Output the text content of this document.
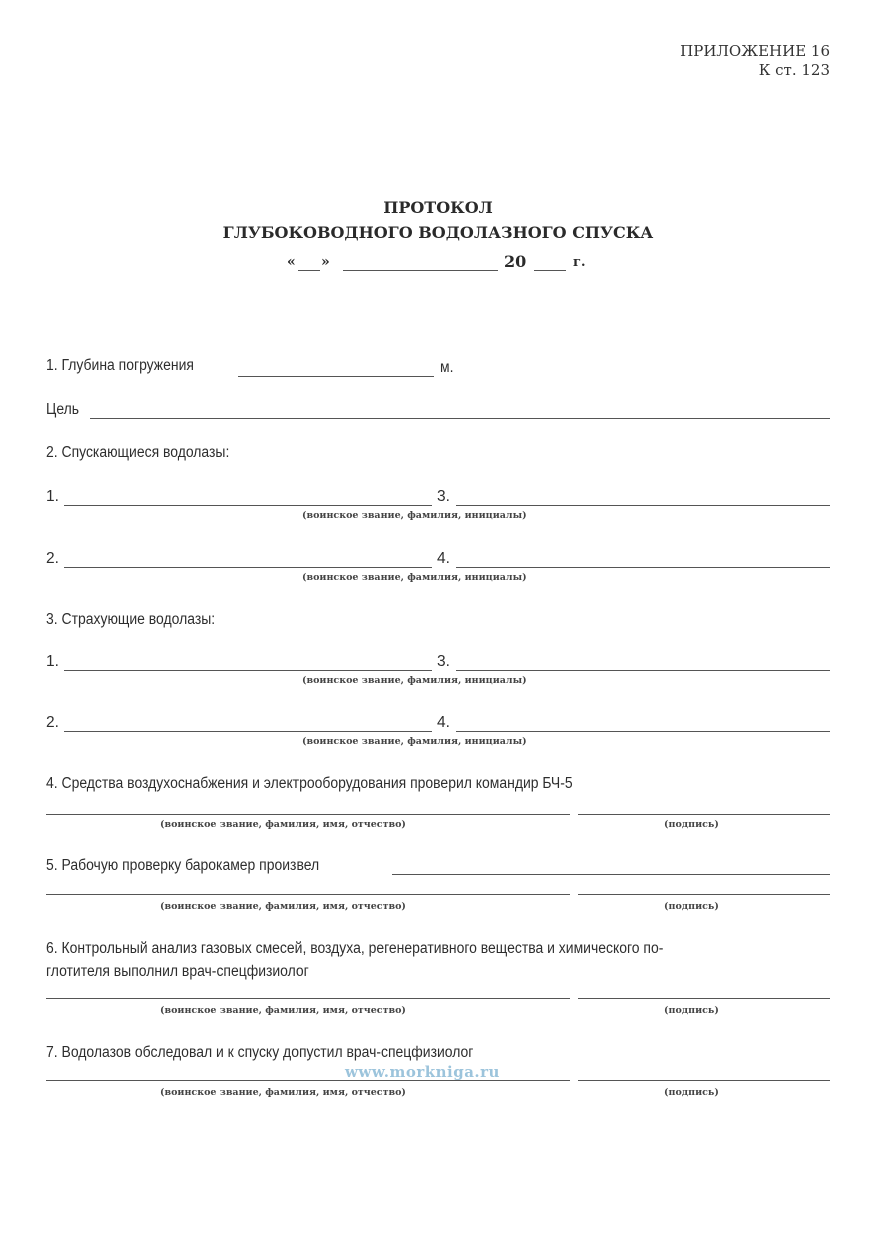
ПРИЛОЖЕНИЕ 16
К ст. 123
ПРОТОКОЛ
ГЛУБОКОВОДНОГО ВОДОЛАЗНОГО СПУСКА
« »	20	г.
1. Глубина погружения	м.
Цель
2. Спускающиеся водолазы:
1.	3.
(воинское звание, фамилия, инициалы)
2.	4.
(воинское звание, фамилия, инициалы)
3. Страхующие водолазы:
1.	3.
(воинское звание, фамилия, инициалы)
2.	4.
(воинское звание, фамилия, инициалы)
4. Средства воздухоснабжения и электрооборудования проверил командир БЧ-5
(воинское звание, фамилия, имя, отчество)	(подпись)
5. Рабочую проверку барокамер произвел
(воинское звание, фамилия, имя, отчество)	(подпись)
6. Контрольный анализ газовых смесей, воздуха, регенеративного вещества и химического по-
глотителя выполнил врач-спецфизиолог
(воинское звание, фамилия, имя, отчество)	(подпись)
7. Водолазов обследовал и к спуску допустил врач-спецфизиолог
(воинское звание, фамилия, имя, отчество)	(подпись)
www.morkniga.ru
